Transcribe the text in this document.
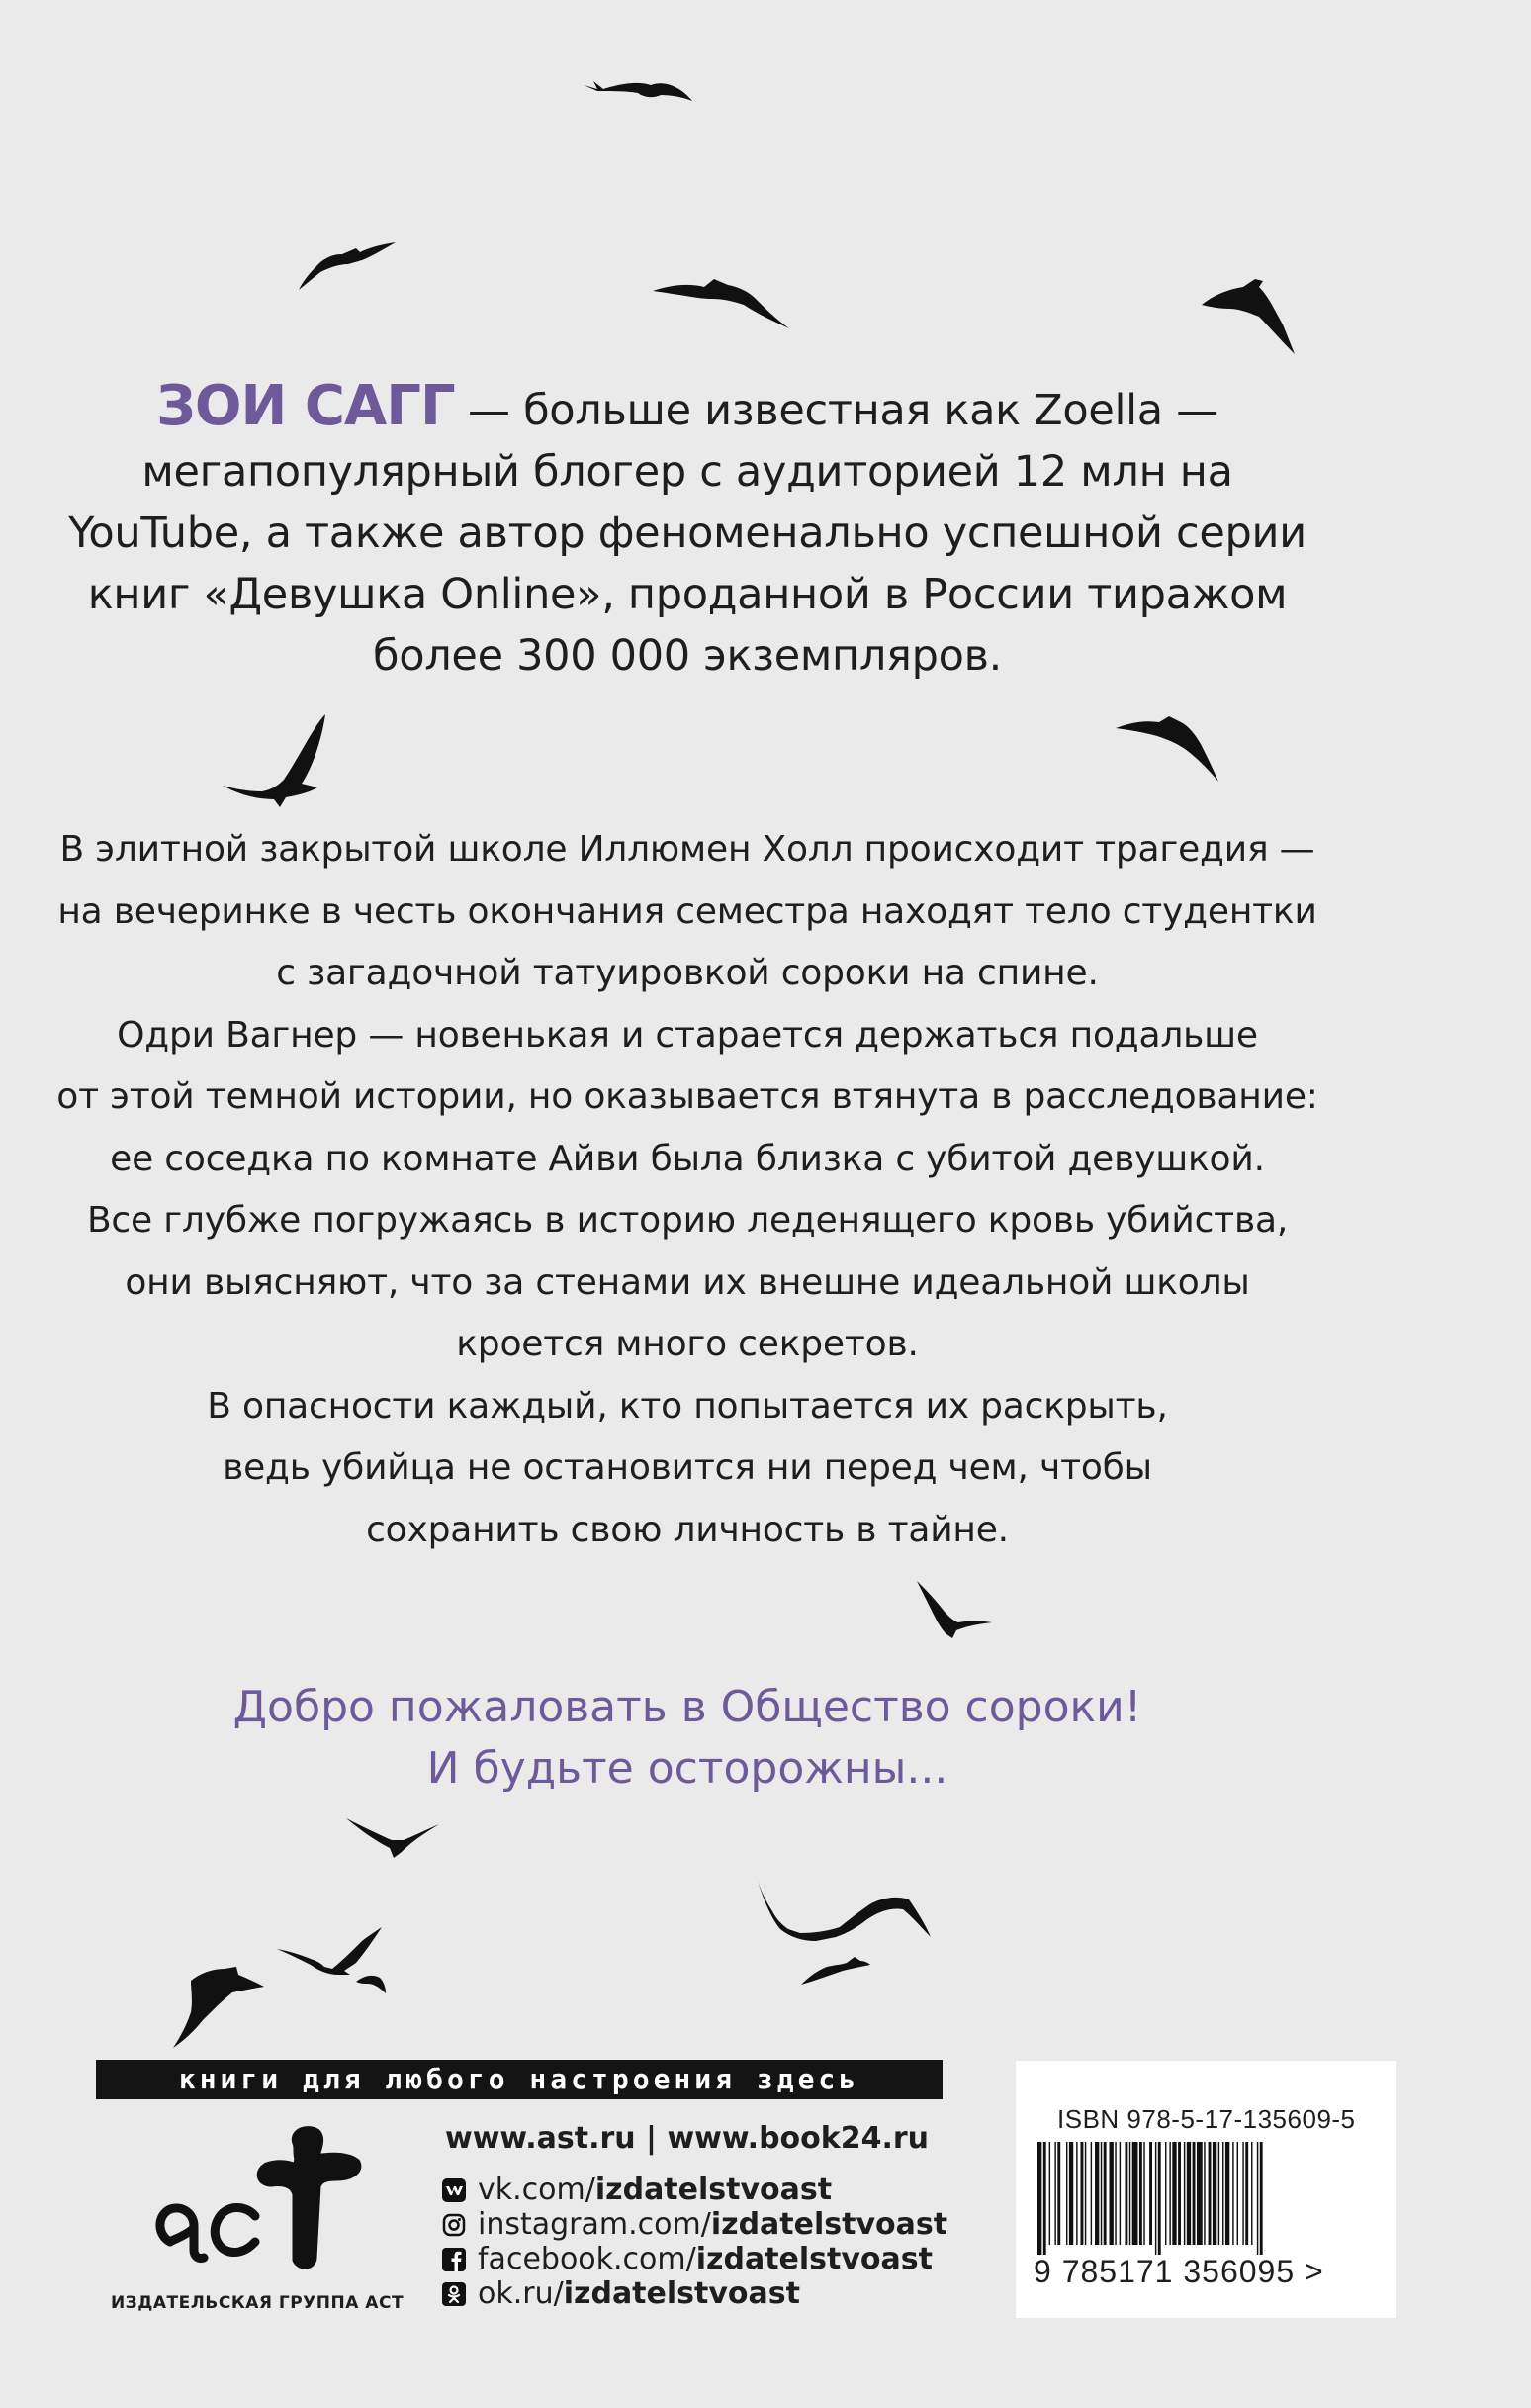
ЗОИ САГГ — больше известная как Zoella —
мегапопулярный блогер с аудиторией 12 млн на
YouTube, а также автор феноменально успешной серии
книг «Девушка Online», проданной в России тиражом
более 300 000 экземпляров.

В элитной закрытой школе Иллюмен Холл происходит трагедия —

на вечеринке в честь окончания семестра находят тело студентки

с загадочной татуировкой сороки на спине.

Одри Вагнер — новенькая и старается держаться подальше

от этой темной истории, но оказывается втянута в расследование:

ее соседка по комнате Айви была близка с убитой девушкой.

Все глубже погружаясь в историю леденящего кровь убийства,

они выясняют, что за стенами их внешне идеальной школы

кроется много секретов.

В опасности каждый, кто попытается их раскрыть,

ведь убийца не остановится ни перед чем, чтобы

сохранить свою личность в тайне.

Добро пожаловать в Общество сороки!

И будьте осторожны...

книги для любого настроения здесь
ИЗДАТЕЛЬСКАЯ ГРУППА АСТ
www.ast.ru | www.book24.ru
vk.com/izdatelstvoast
instagram.com/izdatelstvoast
facebook.com/izdatelstvoast
ok.ru/izdatelstvoast
ISBN 978-5-17-135609-5
9 785171 356095 >
